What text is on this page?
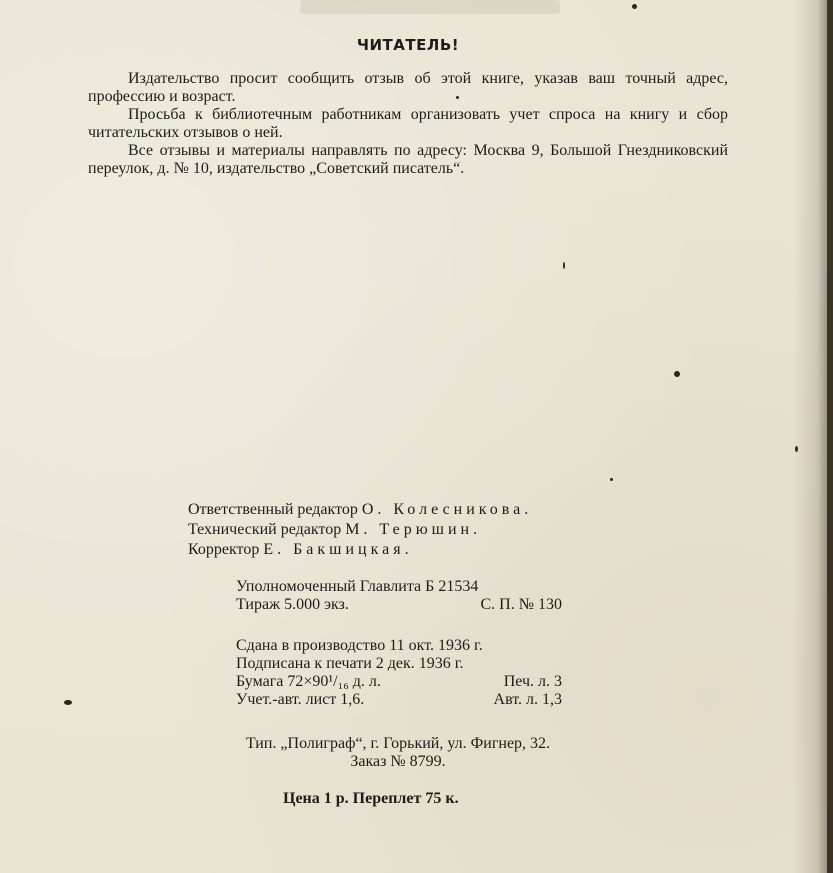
ЧИТАТЕЛЬ!

Издательство просит сообщить отзыв об этой книге, указав ваш точный адрес, профессию и возраст.

Просьба к библиотечным работникам организовать учет спроса на книгу и сбор читательских отзывов о ней.

Все отзывы и материалы направлять по адресу: Москва 9, Большой Гнездниковский переулок, д. № 10, издательство „Советский писатель“.

Ответственный редактор О. Колесникова.
Технический редактор М. Терюшин.
Корректор Е. Бакшицкая.
Уполномоченный Главлита Б 21534
Тираж 5.000 экз.	С. П. № 130
Сдана в производство 11 окт. 1936 г.
Подписана к печати 2 дек. 1936 г.
Бумага 72×90¹/₁₆ д. л.	Печ. л. 3
Учет.-авт. лист 1,6.	Авт. л. 1,3
Тип. „Полиграф“, г. Горький, ул. Фигнер, 32.
Заказ № 8799.
Цена 1 р. Переплет 75 к.
